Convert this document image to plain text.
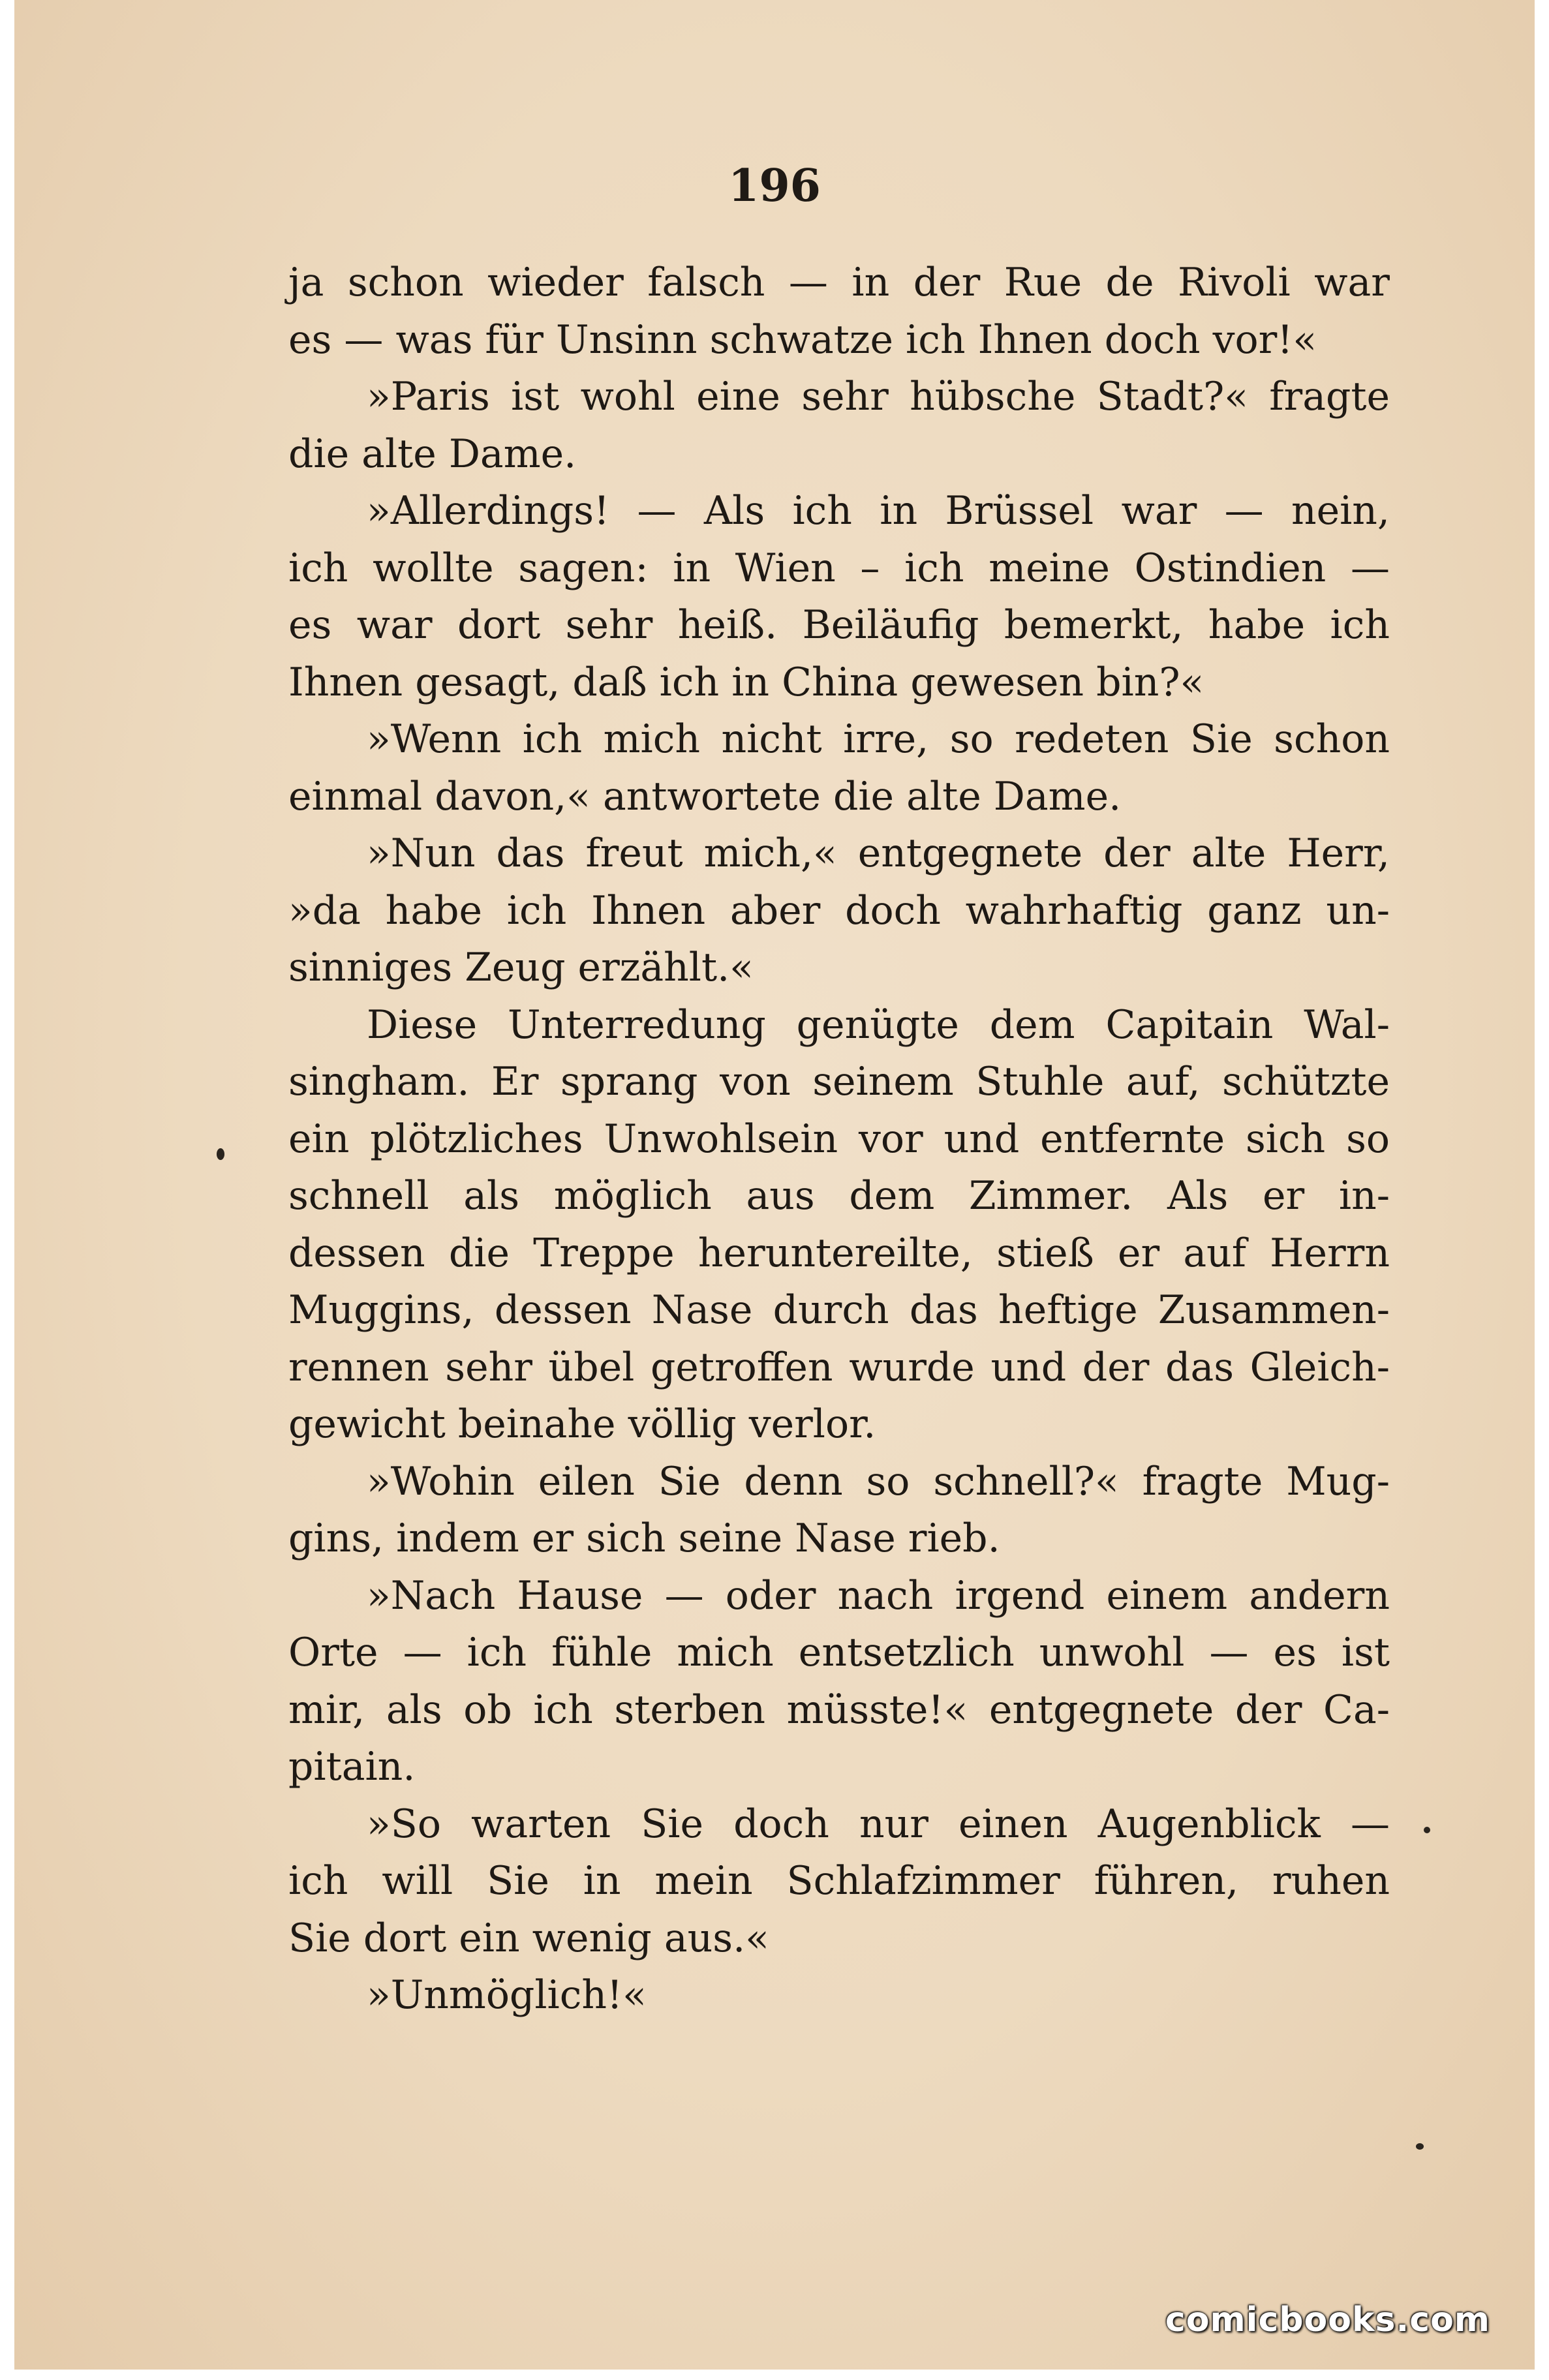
196
ja schon wieder falsch — in der Rue de Rivoli war
es — was für Unsinn schwatze ich Ihnen doch vor!«
»Paris ist wohl eine sehr hübsche Stadt?« fragte
die alte Dame.
»Allerdings! — Als ich in Brüssel war — nein,
ich wollte sagen: in Wien – ich meine Ostindien —
es war dort sehr heiß. Beiläufig bemerkt, habe ich
Ihnen gesagt, daß ich in China gewesen bin?«
»Wenn ich mich nicht irre, so redeten Sie schon
einmal davon,« antwortete die alte Dame.
»Nun das freut mich,« entgegnete der alte Herr,
»da habe ich Ihnen aber doch wahrhaftig ganz un-
sinniges Zeug erzählt.«
Diese Unterredung genügte dem Capitain Wal-
singham. Er sprang von seinem Stuhle auf, schützte
ein plötzliches Unwohlsein vor und entfernte sich so
schnell als möglich aus dem Zimmer. Als er in-
dessen die Treppe heruntereilte, stieß er auf Herrn
Muggins, dessen Nase durch das heftige Zusammen-
rennen sehr übel getroffen wurde und der das Gleich-
gewicht beinahe völlig verlor.
»Wohin eilen Sie denn so schnell?« fragte Mug-
gins, indem er sich seine Nase rieb.
»Nach Hause — oder nach irgend einem andern
Orte — ich fühle mich entsetzlich unwohl — es ist
mir, als ob ich sterben müsste!« entgegnete der Ca-
pitain.
»So warten Sie doch nur einen Augenblick —
ich will Sie in mein Schlafzimmer führen, ruhen
Sie dort ein wenig aus.«
»Unmöglich!«
comicbooks.com
